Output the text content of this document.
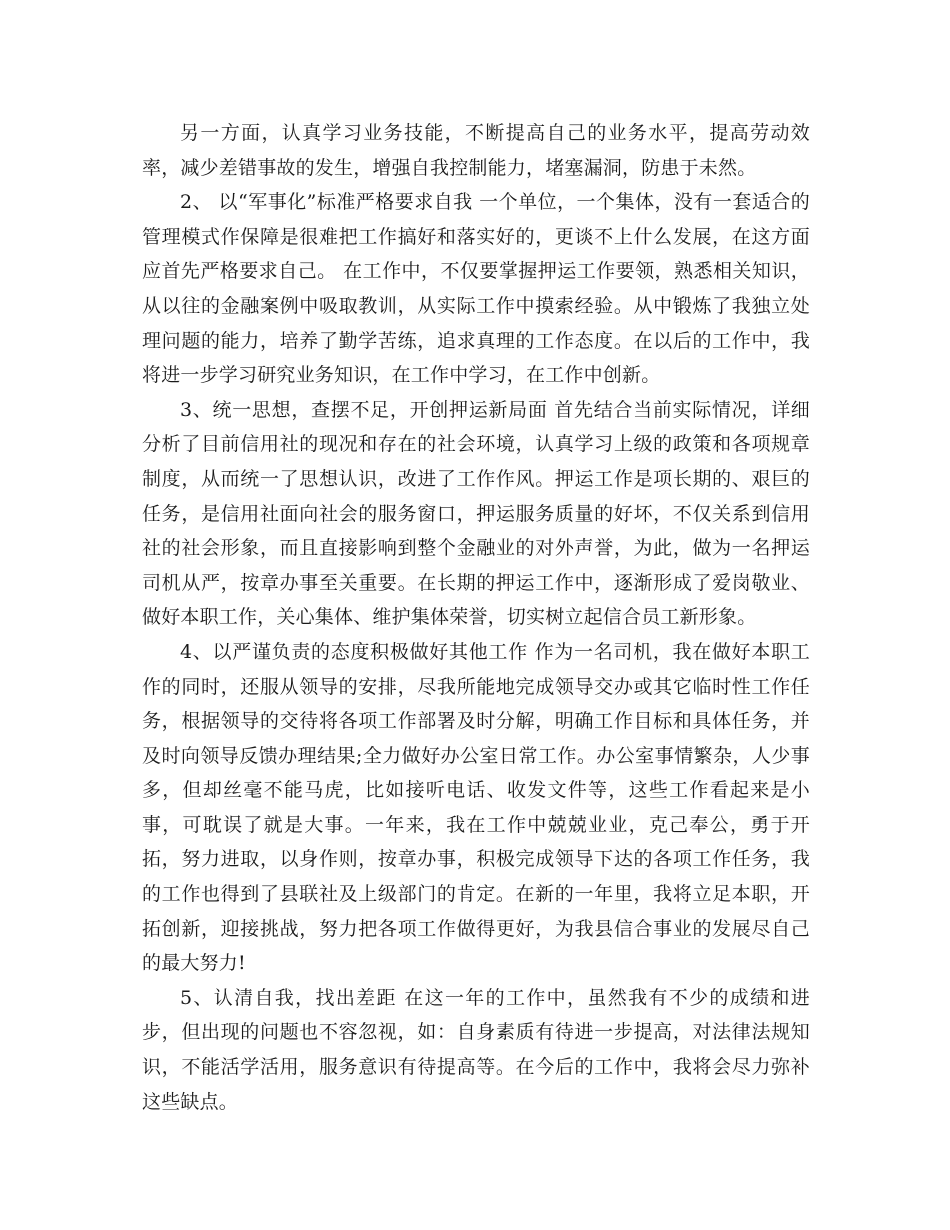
另一方面，认真学习业务技能，不断提高自己的业务水平，提高劳动效率，减少差错事故的发生，增强自我控制能力，堵塞漏洞，防患于未然。

2、 以“军事化”标准严格要求自我 一个单位，一个集体，没有一套适合的管理模式作保障是很难把工作搞好和落实好的，更谈不上什么发展，在这方面应首先严格要求自己。 在工作中，不仅要掌握押运工作要领，熟悉相关知识，从以往的金融案例中吸取教训，从实际工作中摸索经验。从中锻炼了我独立处理问题的能力，培养了勤学苦练，追求真理的工作态度。在以后的工作中，我将进一步学习研究业务知识，在工作中学习，在工作中创新。

3、统一思想，查摆不足，开创押运新局面 首先结合当前实际情况，详细分析了目前信用社的现况和存在的社会环境，认真学习上级的政策和各项规章制度，从而统一了思想认识，改进了工作作风。押运工作是项长期的、艰巨的任务，是信用社面向社会的服务窗口，押运服务质量的好坏，不仅关系到信用社的社会形象，而且直接影响到整个金融业的对外声誉，为此，做为一名押运司机从严，按章办事至关重要。在长期的押运工作中，逐渐形成了爱岗敬业、做好本职工作，关心集体、维护集体荣誉，切实树立起信合员工新形象。

4、以严谨负责的态度积极做好其他工作 作为一名司机，我在做好本职工作的同时，还服从领导的安排，尽我所能地完成领导交办或其它临时性工作任务，根据领导的交待将各项工作部署及时分解，明确工作目标和具体任务，并及时向领导反馈办理结果;全力做好办公室日常工作。办公室事情繁杂，人少事多，但却丝毫不能马虎，比如接听电话、收发文件等，这些工作看起来是小事，可耽误了就是大事。一年来，我在工作中兢兢业业，克己奉公，勇于开拓，努力进取，以身作则，按章办事，积极完成领导下达的各项工作任务，我的工作也得到了县联社及上级部门的肯定。在新的一年里，我将立足本职，开拓创新，迎接挑战，努力把各项工作做得更好，为我县信合事业的发展尽自己的最大努力!

5、认清自我，找出差距 在这一年的工作中，虽然我有不少的成绩和进步，但出现的问题也不容忽视，如：自身素质有待进一步提高，对法律法规知识，不能活学活用，服务意识有待提高等。在今后的工作中，我将会尽力弥补这些缺点。
